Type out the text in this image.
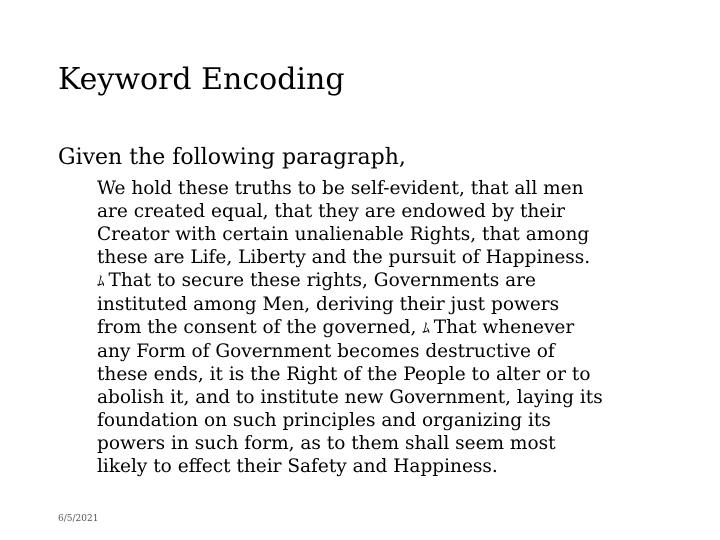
Keyword Encoding
Given the following paragraph,
We hold these truths to be self-evident, that all men
are created equal, that they are endowed by their
Creator with certain unalienable Rights, that among
these are Life, Liberty and the pursuit of Happiness.
ﾑ That to secure these rights, Governments are
instituted among Men, deriving their just powers
from the consent of the governed, ﾑ That whenever
any Form of Government becomes destructive of
these ends, it is the Right of the People to alter or to
abolish it, and to institute new Government, laying its
foundation on such principles and organizing its
powers in such form, as to them shall seem most
likely to effect their Safety and Happiness.
6/5/2021
